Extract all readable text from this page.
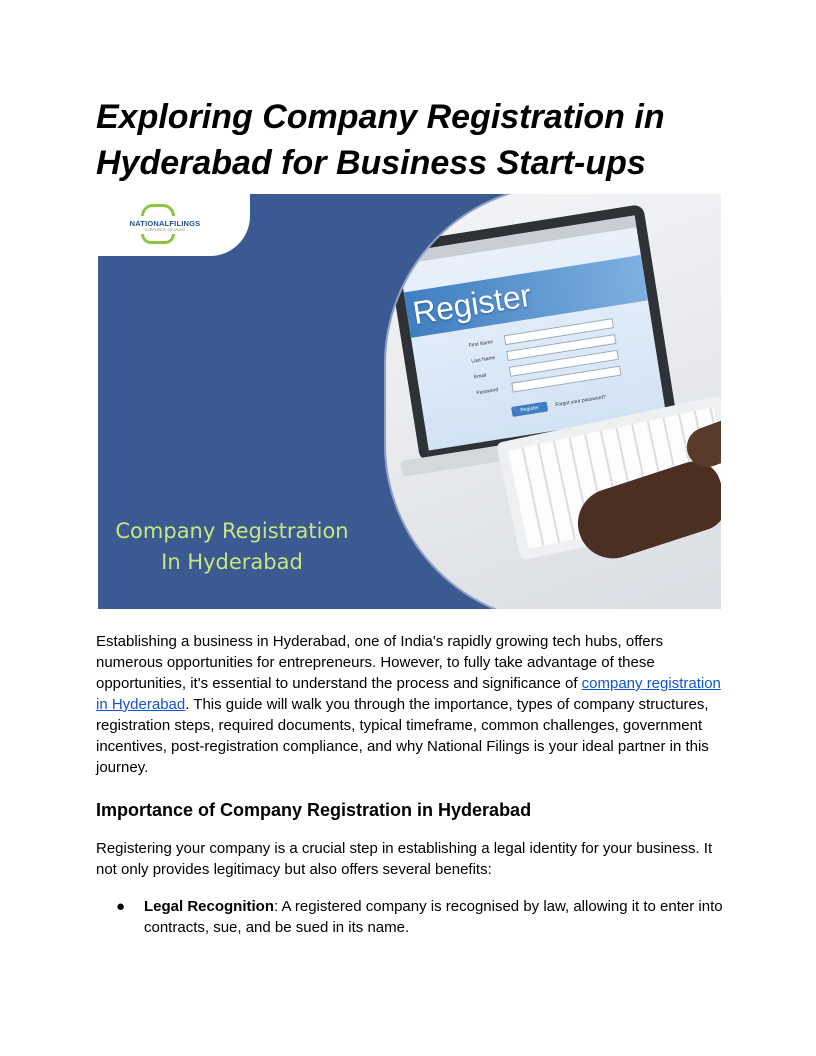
Exploring Company Registration in Hyderabad for Business Start-ups
NATIONALFILINGS
CORPORATE ADVISORS
Register
First Name
Last Name
Email
Password
Register
Forgot your password?
Company Registration
In Hyderabad

Establishing a business in Hyderabad, one of India's rapidly growing tech hubs, offers numerous opportunities for entrepreneurs. However, to fully take advantage of these opportunities, it's essential to understand the process and significance of company registration in Hyderabad. This guide will walk you through the importance, types of company structures, registration steps, required documents, typical timeframe, common challenges, government incentives, post-registration compliance, and why National Filings is your ideal partner in this journey.

Importance of Company Registration in Hyderabad

Registering your company is a crucial step in establishing a legal identity for your business. It not only provides legitimacy but also offers several benefits:

● Legal Recognition: A registered company is recognised by law, allowing it to enter into contracts, sue, and be sued in its name.
